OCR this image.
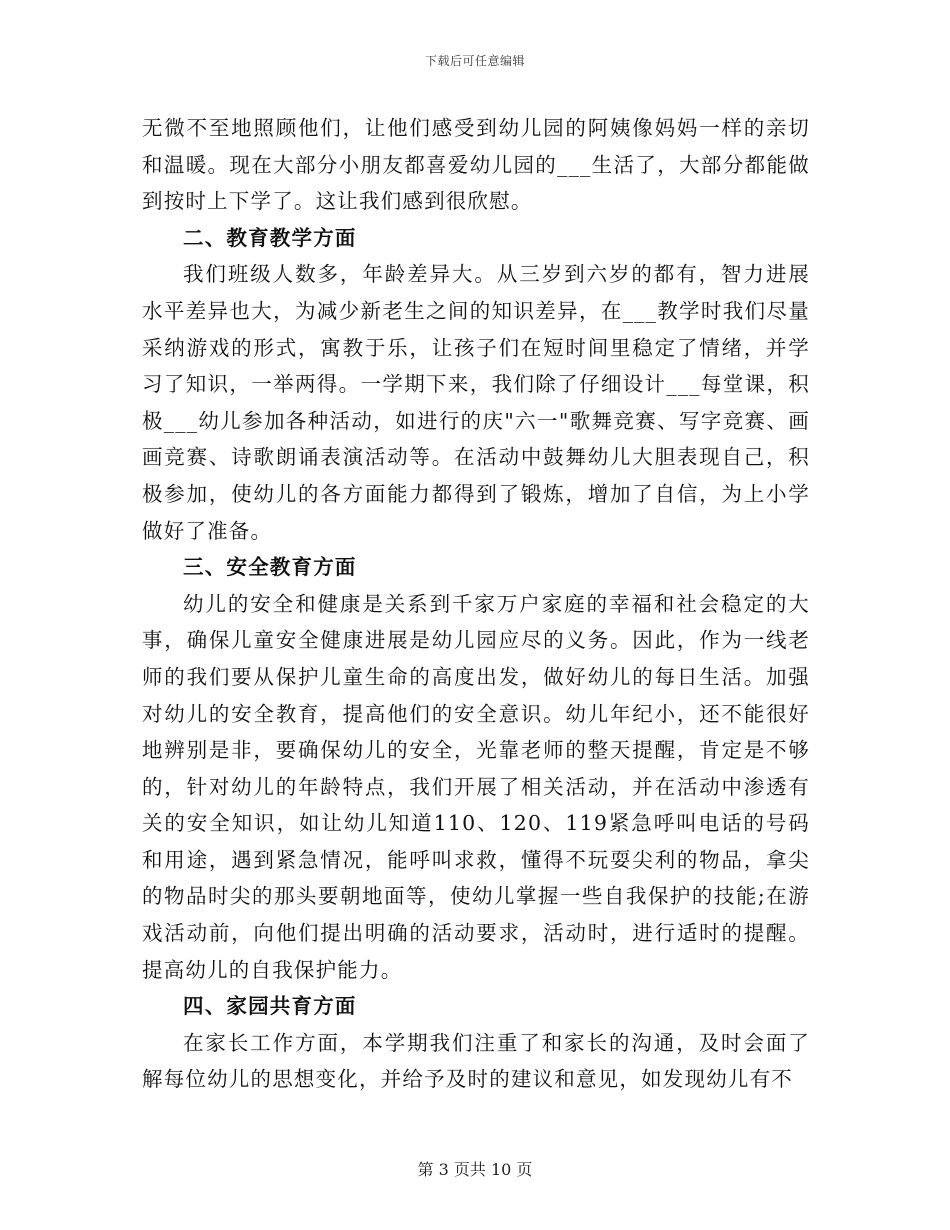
下载后可任意编辑

无微不至地照顾他们，让他们感受到幼儿园的阿姨像妈妈一样的亲切和温暖。现在大部分小朋友都喜爱幼儿园的___生活了，大部分都能做到按时上下学了。这让我们感到很欣慰。

二、教育教学方面

我们班级人数多，年龄差异大。从三岁到六岁的都有，智力进展水平差异也大，为减少新老生之间的知识差异，在___教学时我们尽量采纳游戏的形式，寓教于乐，让孩子们在短时间里稳定了情绪，并学习了知识，一举两得。一学期下来，我们除了仔细设计___每堂课，积极___幼儿参加各种活动，如进行的庆"六一"歌舞竞赛、写字竞赛、画画竞赛、诗歌朗诵表演活动等。在活动中鼓舞幼儿大胆表现自己，积极参加，使幼儿的各方面能力都得到了锻炼，增加了自信，为上小学做好了准备。

三、安全教育方面

幼儿的安全和健康是关系到千家万户家庭的幸福和社会稳定的大事，确保儿童安全健康进展是幼儿园应尽的义务。因此，作为一线老师的我们要从保护儿童生命的高度出发，做好幼儿的每日生活。加强对幼儿的安全教育，提高他们的安全意识。幼儿年纪小，还不能很好地辨别是非，要确保幼儿的安全，光靠老师的整天提醒，肯定是不够的，针对幼儿的年龄特点，我们开展了相关活动，并在活动中渗透有关的安全知识，如让幼儿知道110、120、119紧急呼叫电话的号码和用途，遇到紧急情况，能呼叫求救，懂得不玩耍尖利的物品，拿尖的物品时尖的那头要朝地面等，使幼儿掌握一些自我保护的技能;在游戏活动前，向他们提出明确的活动要求，活动时，进行适时的提醒。提高幼儿的自我保护能力。

四、家园共育方面

在家长工作方面，本学期我们注重了和家长的沟通，及时会面了解每位幼儿的思想变化，并给予及时的建议和意见，如发现幼儿有不

第 3 页共 10 页
